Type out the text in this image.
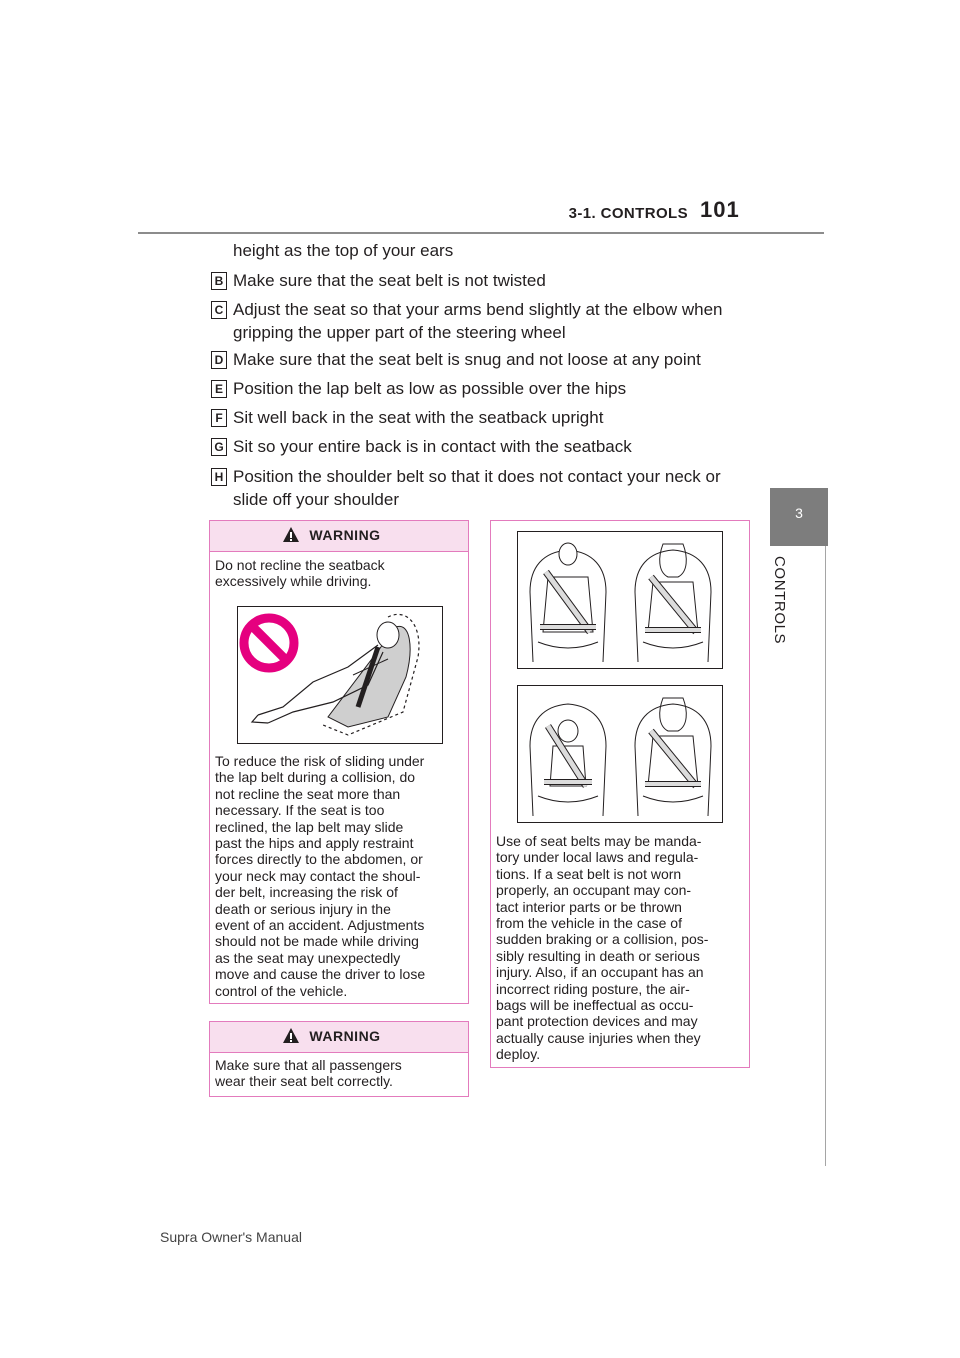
3-1. CONTROLS 101
3
CONTROLS
height as the top of your ears
B Make sure that the seat belt is not twisted
C Adjust the seat so that your arms bend slightly at the elbow when
gripping the upper part of the steering wheel
D Make sure that the seat belt is snug and not loose at any point
E Position the lap belt as low as possible over the hips
F Sit well back in the seat with the seatback upright
G Sit so your entire back is in contact with the seatback
H Position the shoulder belt so that it does not contact your neck or
slide off your shoulder
WARNING
Do not recline the seatback
excessively while driving.
To reduce the risk of sliding under
the lap belt during a collision, do
not recline the seat more than
necessary. If the seat is too
reclined, the lap belt may slide
past the hips and apply restraint
forces directly to the abdomen, or
your neck may contact the shoul-
der belt, increasing the risk of
death or serious injury in the
event of an accident. Adjustments
should not be made while driving
as the seat may unexpectedly
move and cause the driver to lose
control of the vehicle.
WARNING
Make sure that all passengers
wear their seat belt correctly.
Use of seat belts may be manda-
tory under local laws and regula-
tions. If a seat belt is not worn
properly, an occupant may con-
tact interior parts or be thrown
from the vehicle in the case of
sudden braking or a collision, pos-
sibly resulting in death or serious
injury. Also, if an occupant has an
incorrect riding posture, the air-
bags will be ineffectual as occu-
pant protection devices and may
actually cause injuries when they
deploy.
Supra Owner's Manual
